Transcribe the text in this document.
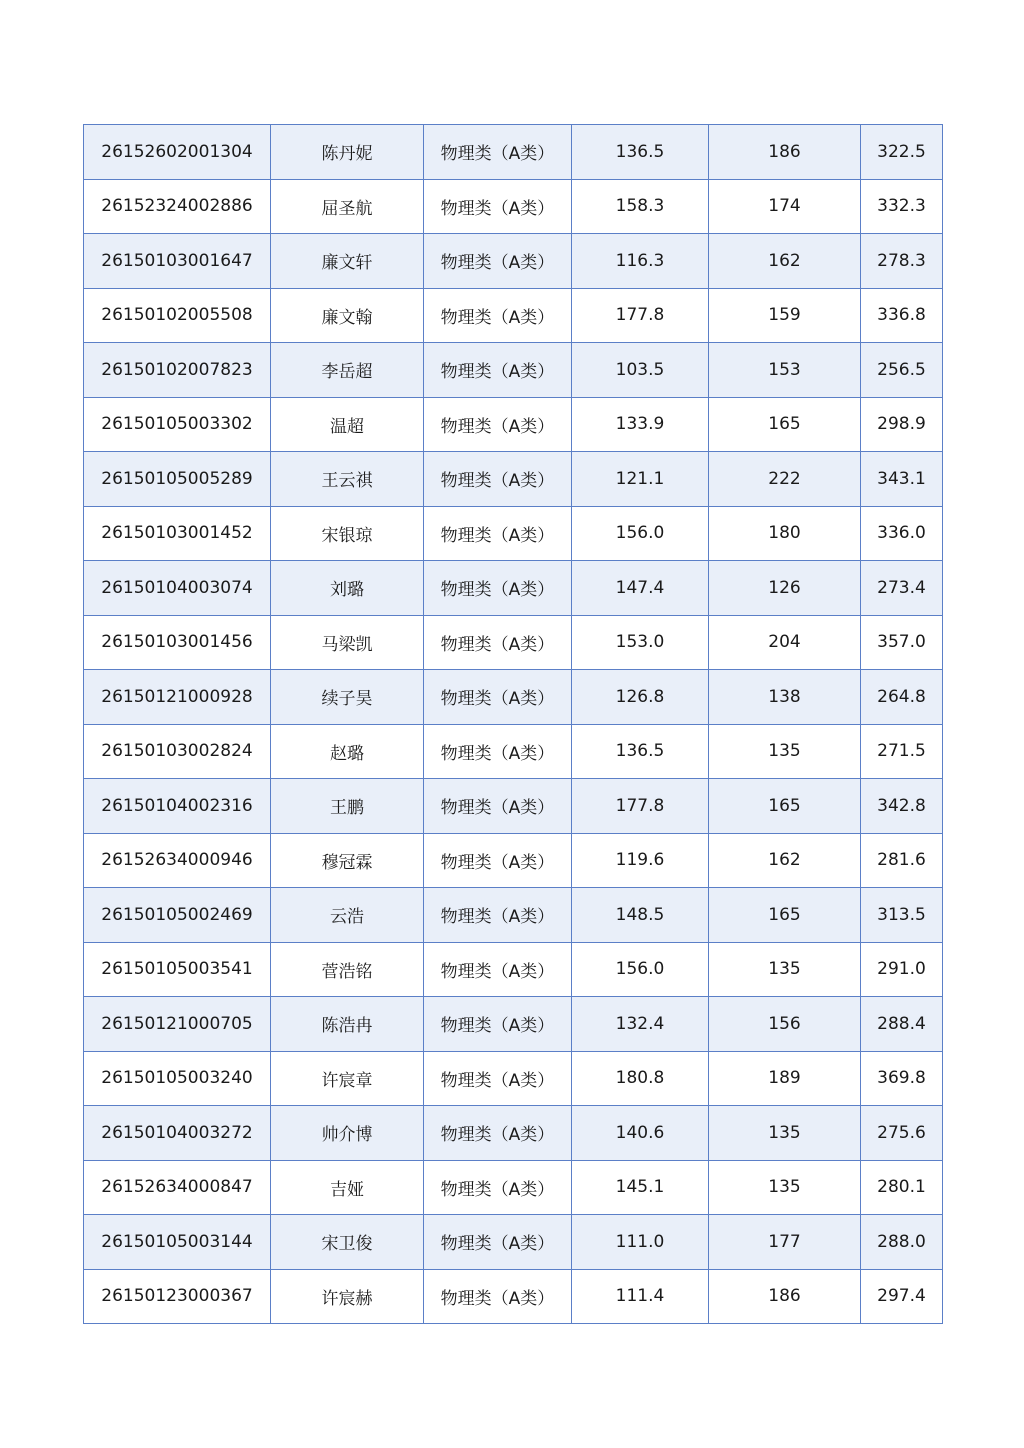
26152602001304	陈丹妮	物理类（A类）	136.5	186	322.5
26152324002886	屈圣航	物理类（A类）	158.3	174	332.3
26150103001647	廉文轩	物理类（A类）	116.3	162	278.3
26150102005508	廉文翰	物理类（A类）	177.8	159	336.8
26150102007823	李岳超	物理类（A类）	103.5	153	256.5
26150105003302	温超	物理类（A类）	133.9	165	298.9
26150105005289	王云祺	物理类（A类）	121.1	222	343.1
26150103001452	宋银琼	物理类（A类）	156.0	180	336.0
26150104003074	刘璐	物理类（A类）	147.4	126	273.4
26150103001456	马梁凯	物理类（A类）	153.0	204	357.0
26150121000928	续子昊	物理类（A类）	126.8	138	264.8
26150103002824	赵璐	物理类（A类）	136.5	135	271.5
26150104002316	王鹏	物理类（A类）	177.8	165	342.8
26152634000946	穆冠霖	物理类（A类）	119.6	162	281.6
26150105002469	云浩	物理类（A类）	148.5	165	313.5
26150105003541	菅浩铭	物理类（A类）	156.0	135	291.0
26150121000705	陈浩冉	物理类（A类）	132.4	156	288.4
26150105003240	许宸章	物理类（A类）	180.8	189	369.8
26150104003272	帅介博	物理类（A类）	140.6	135	275.6
26152634000847	吉娅	物理类（A类）	145.1	135	280.1
26150105003144	宋卫俊	物理类（A类）	111.0	177	288.0
26150123000367	许宸赫	物理类（A类）	111.4	186	297.4
